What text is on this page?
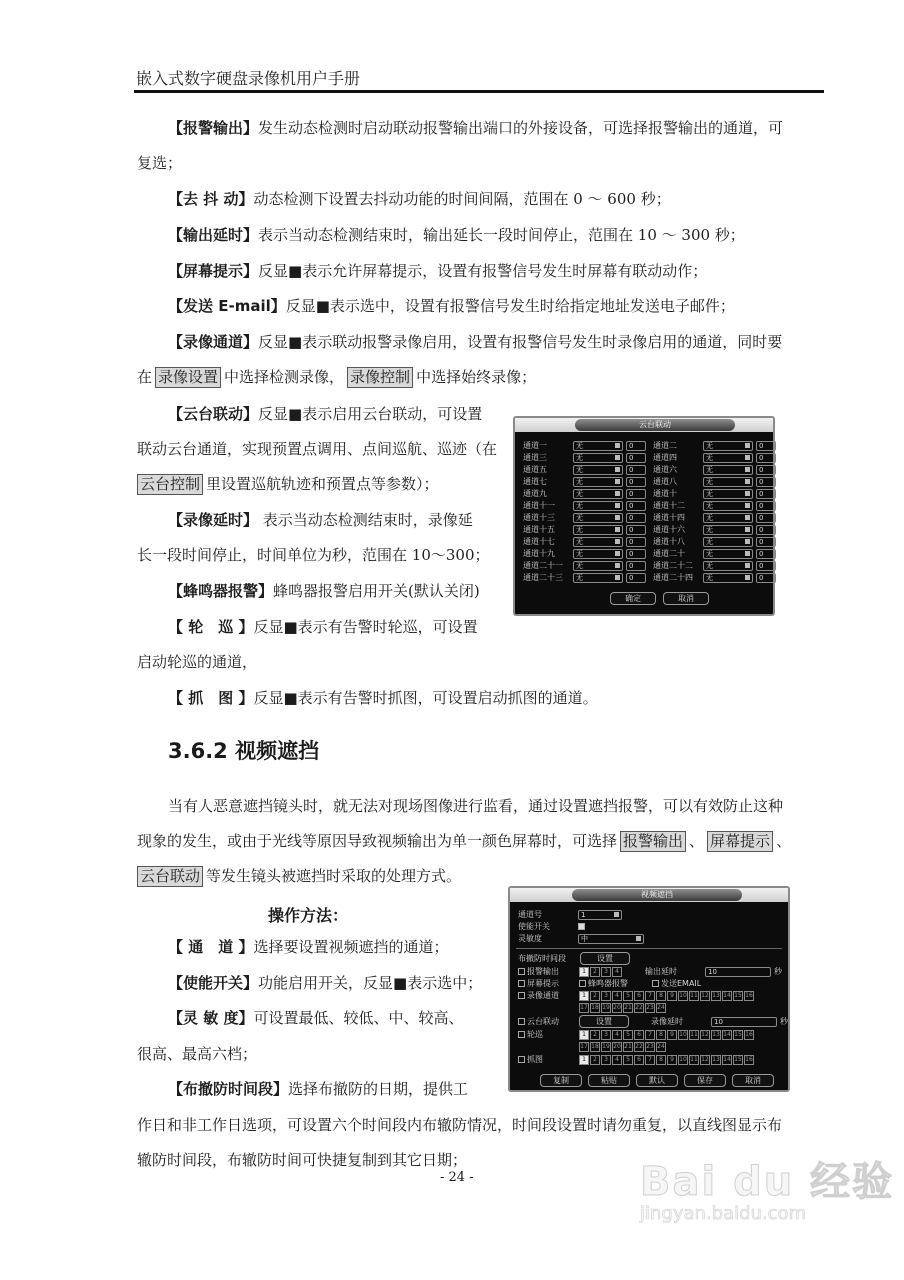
嵌入式数字硬盘录像机用户手册
【报警输出】发生动态检测时启动联动报警输出端口的外接设备，可选择报警输出的通道，可
复选；
【去 抖 动】动态检测下设置去抖动功能的时间间隔，范围在 0 ～ 600 秒；
【输出延时】表示当动态检测结束时，输出延长一段时间停止，范围在 10 ～ 300 秒；
【屏幕提示】反显■表示允许屏幕提示，设置有报警信号发生时屏幕有联动动作；
【发送 E-mail】反显■表示选中，设置有报警信号发生时给指定地址发送电子邮件；
【录像通道】反显■表示联动报警录像启用，设置有报警信号发生时录像启用的通道，同时要
在 录像设置 中选择检测录像， 录像控制 中选择始终录像；
【云台联动】反显■表示启用云台联动，可设置
联动云台通道，实现预置点调用、点间巡航、巡迹（在
云台控制 里设置巡航轨迹和预置点等参数）；
【录像延时】 表示当动态检测结束时，录像延
长一段时间停止，时间单位为秒，范围在 10～300；
【蜂鸣器报警】蜂鸣器报警启用开关(默认关闭)
【 轮　巡 】反显■表示有告警时轮巡，可设置
启动轮巡的通道，
【 抓　图 】反显■表示有告警时抓图，可设置启动抓图的通道。
云台联动
通道一	无	0	通道二	无	0
通道三	无	0	通道四	无	0
通道五	无	0	通道六	无	0
通道七	无	0	通道八	无	0
通道九	无	0	通道十	无	0
通道十一	无	0	通道十二	无	0
通道十三	无	0	通道十四	无	0
通道十五	无	0	通道十六	无	0
通道十七	无	0	通道十八	无	0
通道十九	无	0	通道二十	无	0
通道二十一	无	0	通道二十二	无	0
通道二十三	无	0	通道二十四	无	0
确定	取消
3.6.2 视频遮挡
当有人恶意遮挡镜头时，就无法对现场图像进行监看，通过设置遮挡报警，可以有效防止这种
现象的发生，或由于光线等原因导致视频输出为单一颜色屏幕时，可选择 报警输出 、 屏幕提示 、
云台联动 等发生镜头被遮挡时采取的处理方式。
操作方法：
【 通　道 】选择要设置视频遮挡的通道；
【使能开关】功能启用开关，反显■表示选中；
【灵 敏 度】可设置最低、较低、中、较高、
很高、最高六档；
【布撤防时间段】选择布撤防的日期，提供工
作日和非工作日选项，可设置六个时间段内布辙防情况，时间段设置时请勿重复，以直线图显示布
辙防时间段，布辙防时间可快捷复制到其它日期；
视频遮挡
通道号	1
使能开关
灵敏度	中
布撤防时间段	设置
报警输出	1 2 3 4	输出延时	10	秒
屏幕提示	蜂鸣器报警	发送EMAIL
录像通道	1 2 3 4 5 6 7 8 9 10 11 12 13 14 15 16
17 18 19 20 21 22 23 24
云台联动	设置	录像延时	10	秒
轮巡	1 2 3 4 5 6 7 8 9 10 11 12 13 14 15 16
17 18 19 20 21 22 23 24
抓图	1 2 3 4 5 6 7 8 9 10 11 12 13 14 15 16
复制	粘贴	默认	保存	取消
- 24 -	Bai du 经验
jingyan.baidu.com
